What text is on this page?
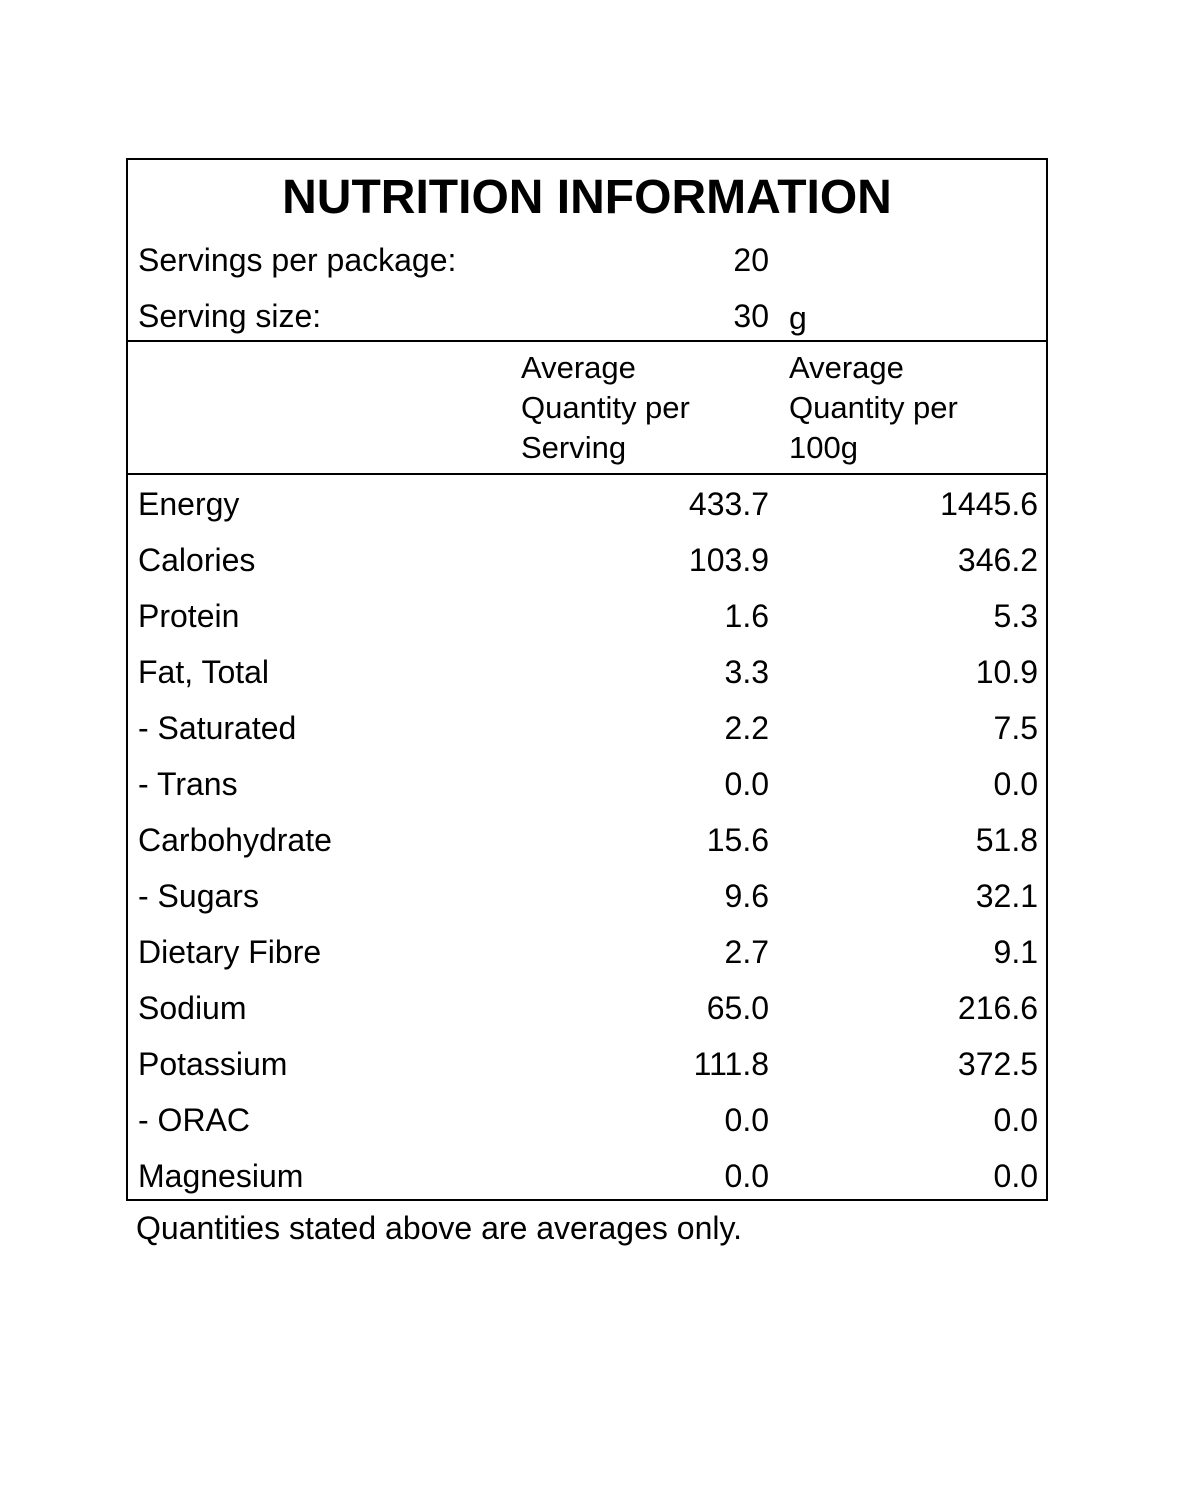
NUTRITION INFORMATION
Servings per package:	20
Serving size:	30 g
Average
Quantity per
Serving
Average
Quantity per
100g
Energy	433.7	1445.6
Calories	103.9	346.2
Protein	1.6	5.3
Fat, Total	3.3	10.9
- Saturated	2.2	7.5
- Trans	0.0	0.0
Carbohydrate	15.6	51.8
- Sugars	9.6	32.1
Dietary Fibre	2.7	9.1
Sodium	65.0	216.6
Potassium	111.8	372.5
- ORAC	0.0	0.0
Magnesium	0.0	0.0
Quantities stated above are averages only.
